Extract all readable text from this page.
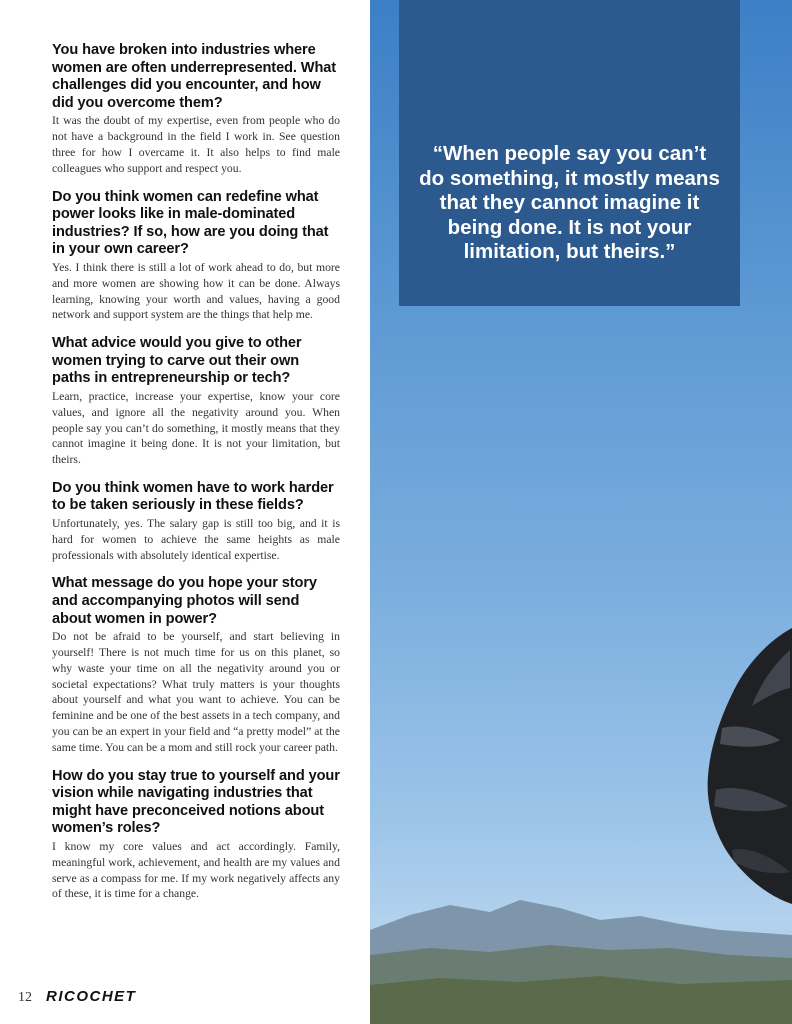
You have broken into industries where women are often underrepresented. What challenges did you encounter, and how did you overcome them?

It was the doubt of my expertise, even from people who do not have a background in the field I work in. See question three for how I overcame it. It also helps to find male colleagues who support and respect you.

Do you think women can redefine what power looks like in male-dominated industries? If so, how are you doing that in your own career?

Yes. I think there is still a lot of work ahead to do, but more and more women are showing how it can be done. Always learning, knowing your worth and values, having a good network and support system are the things that help me.

What advice would you give to other women trying to carve out their own paths in entrepreneurship or tech?

Learn, practice, increase your expertise, know your core values, and ignore all the negativity around you. When people say you can’t do something, it mostly means that they cannot imagine it being done. It is not your limitation, but theirs.

Do you think women have to work harder to be taken seriously in these fields?

Unfortunately, yes. The salary gap is still too big, and it is hard for women to achieve the same heights as male professionals with absolutely identical expertise.

What message do you hope your story and accompanying photos will send about women in power?

Do not be afraid to be yourself, and start believing in yourself! There is not much time for us on this planet, so why waste your time on all the negativity around you or societal expectations? What truly matters is your thoughts about yourself and what you want to achieve. You can be feminine and be one of the best assets in a tech company, and you can be an expert in your field and “a pretty model” at the same time. You can be a mom and still rock your career path.

How do you stay true to yourself and your vision while navigating industries that might have preconceived notions about women’s roles?

I know my core values and act accordingly. Family, meaningful work, achievement, and health are my values and serve as a compass for me. If my work negatively affects any of these, it is time for a change.

12 RICOCHET

“When people say you can’t do something, it mostly means that they cannot imagine it being done. It is not your limitation, but theirs.”
